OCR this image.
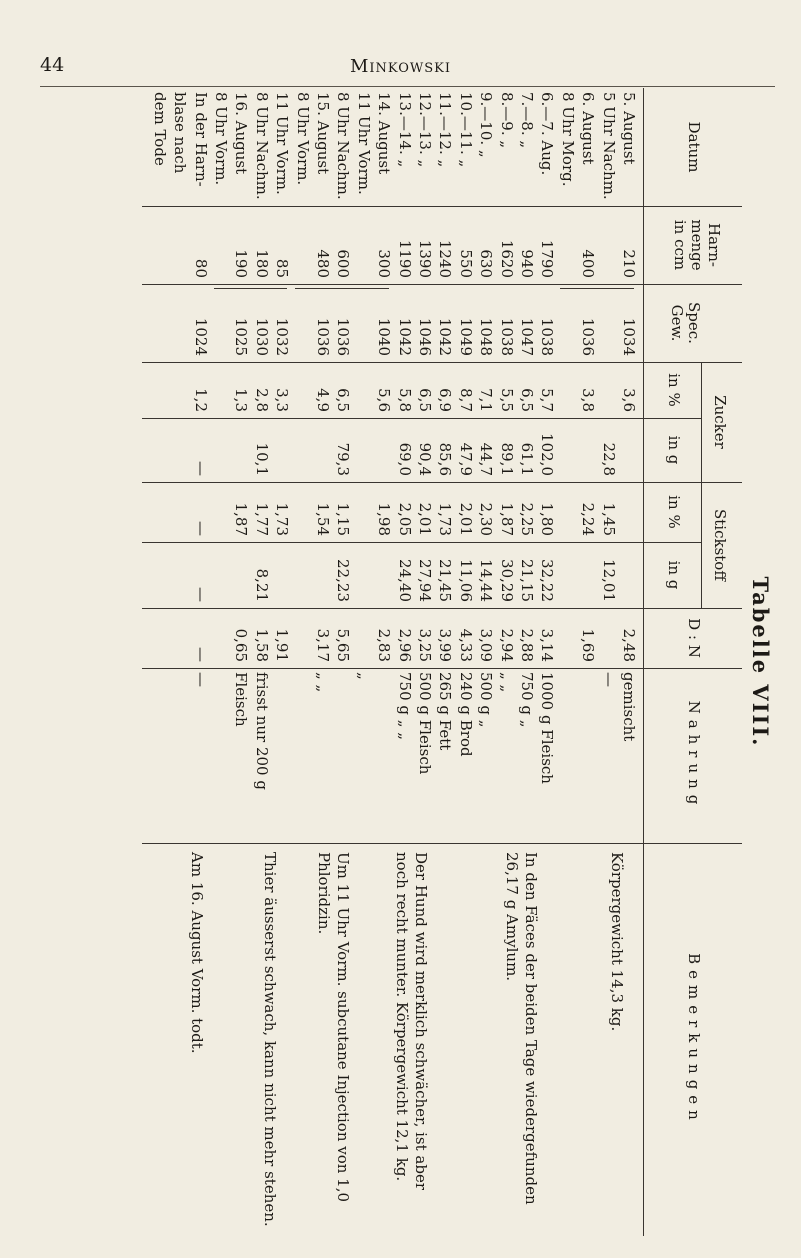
44	Minkowski
Tabelle VIII.
Datum
Harn-
menge
in ccm
Spec. Gew.
Zucker
Stickstoff
in %
in g
in %
in g
D : N
Nahrung
Bemerkungen
5. August
210
1034
3,6
2,48
gemischt
5 Uhr Nachm.
22,8
1,45
12,01
—
6. August
400
1036
3,8
2,24
1,69
8 Uhr Morg.
6.—7. Aug.
1790
1038
5,7
102,0
1,80
32,22
3,14
1000 g Fleisch
7.—8. „
940
1047
6,5
61,1
2,25
21,15
2,88
750 g „
8.—9. „
1620
1038
5,5
89,1
1,87
30,29
2,94
„ „
9.—10. „
630
1048
7,1
44,7
2,30
14,44
3,09
500 g „
10.—11. „
550
1049
8,7
47,9
2,01
11,06
4,33
240 g Brod
11.—12. „
1240
1042
6,9
85,6
1,73
21,45
3,99
265 g Fett
12.—13. „
1390
1046
6,5
90,4
2,01
27,94
3,25
500 g Fleisch
13.—14. „
1190
1042
5,8
69,0
2,05
24,40
2,96
750 g „ „
14. August
300
1040
5,6
1,98
2,83
11 Uhr Vorm.
„
8 Uhr Nachm.
600
1036
6,5
79,3
1,15
22,23
5,65
15. August
480
1036
4,9
1,54
3,17
„ „
8 Uhr Vorm.
11 Uhr Vorm.
85
1032
3,3
1,73
1,91
8 Uhr Nachm.
180
1030
2,8
10,1
1,77
8,21
1,58
frisst nur 200 g
16. August
190
1025
1,3
1,87
0,65
Fleisch
8 Uhr Vorm.
In der Harn-
80
1024
1,2
—
—
—
—
—
blase nach
dem Tode
Körpergewicht 14,3 kg.
In den Fäces der beiden Tage wiedergefunden 26,17 g Amylum.
Der Hund wird merklich schwächer, ist aber noch recht munter. Körpergewicht 12,1 kg.
Um 11 Uhr Vorm. subcutane Injection von 1,0 Phloridzin.
Thier äusserst schwach, kann nicht mehr stehen.
Am 16. August Vorm. todt.
